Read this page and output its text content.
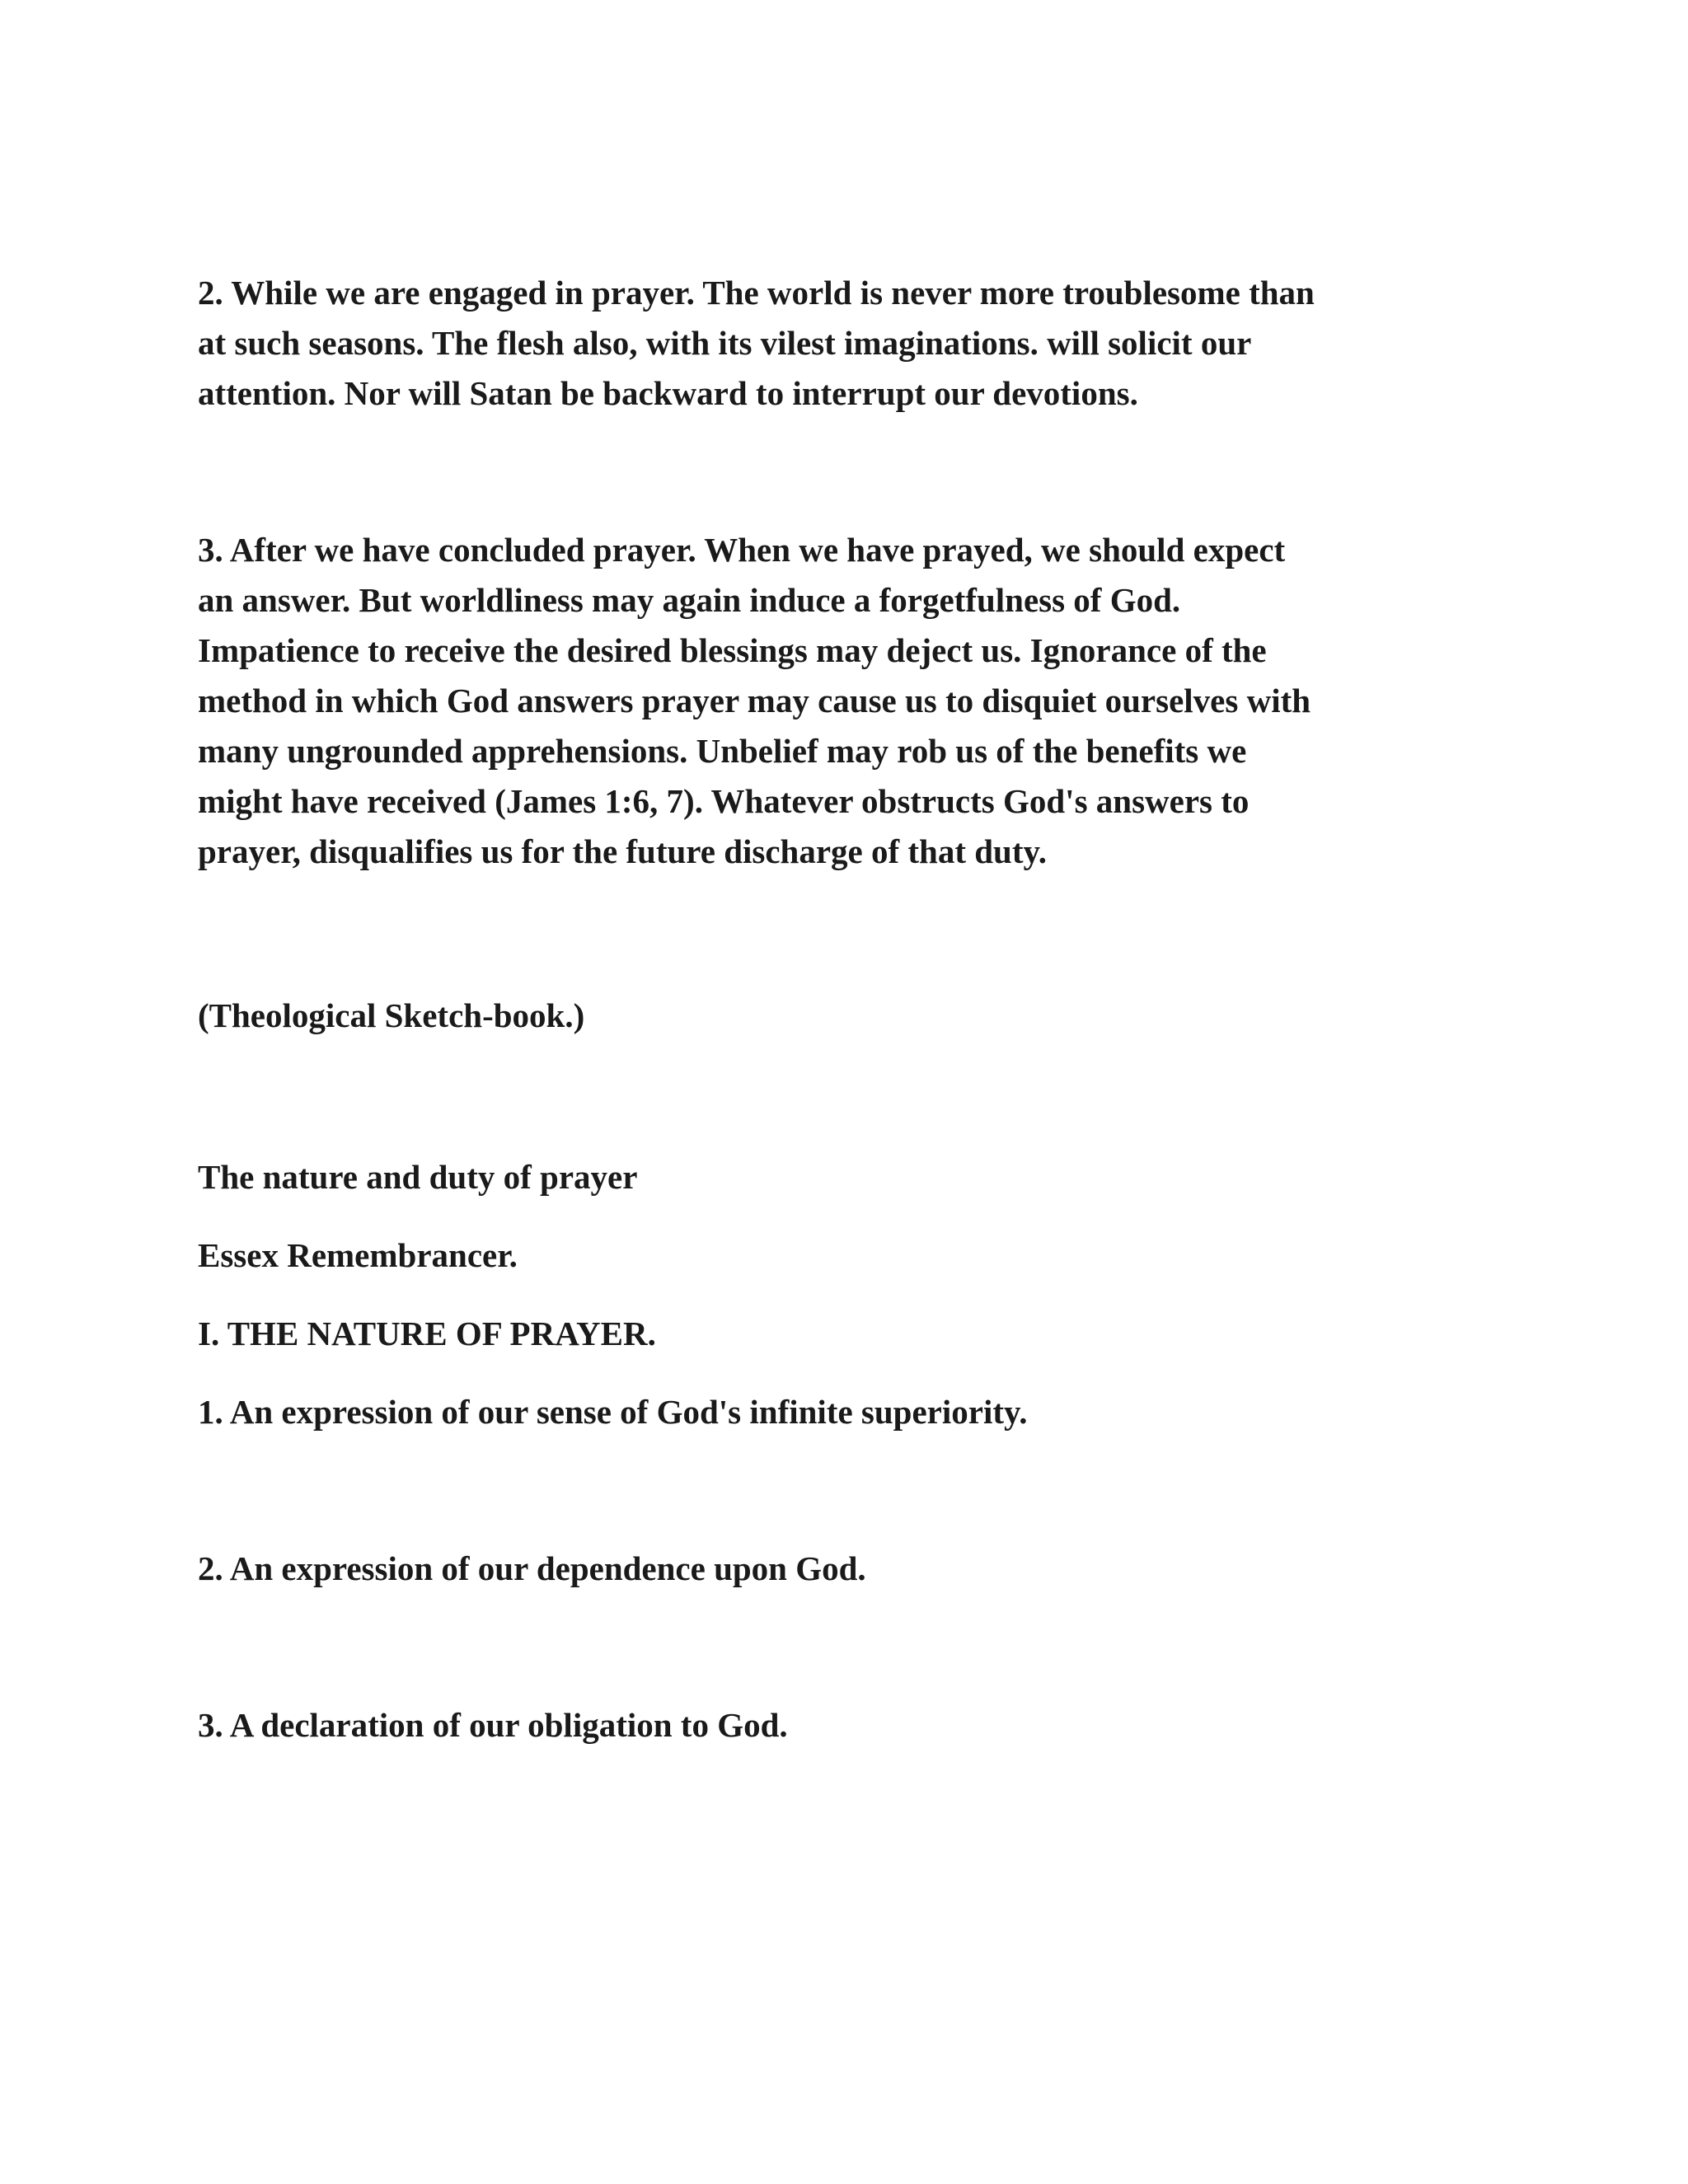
2. While we are engaged in prayer. The world is never more troublesome than
at such seasons. The flesh also, with its vilest imaginations. will solicit our
attention. Nor will Satan be backward to interrupt our devotions.
3. After we have concluded prayer. When we have prayed, we should expect
an answer. But worldliness may again induce a forgetfulness of God.
Impatience to receive the desired blessings may deject us. Ignorance of the
method in which God answers prayer may cause us to disquiet ourselves with
many ungrounded apprehensions. Unbelief may rob us of the benefits we
might have received (James 1:6, 7). Whatever obstructs God's answers to
prayer, disqualifies us for the future discharge of that duty.
(Theological Sketch-book.)
The nature and duty of prayer
Essex Remembrancer.
I. THE NATURE OF PRAYER.
1. An expression of our sense of God's infinite superiority.
2. An expression of our dependence upon God.
3. A declaration of our obligation to God.
